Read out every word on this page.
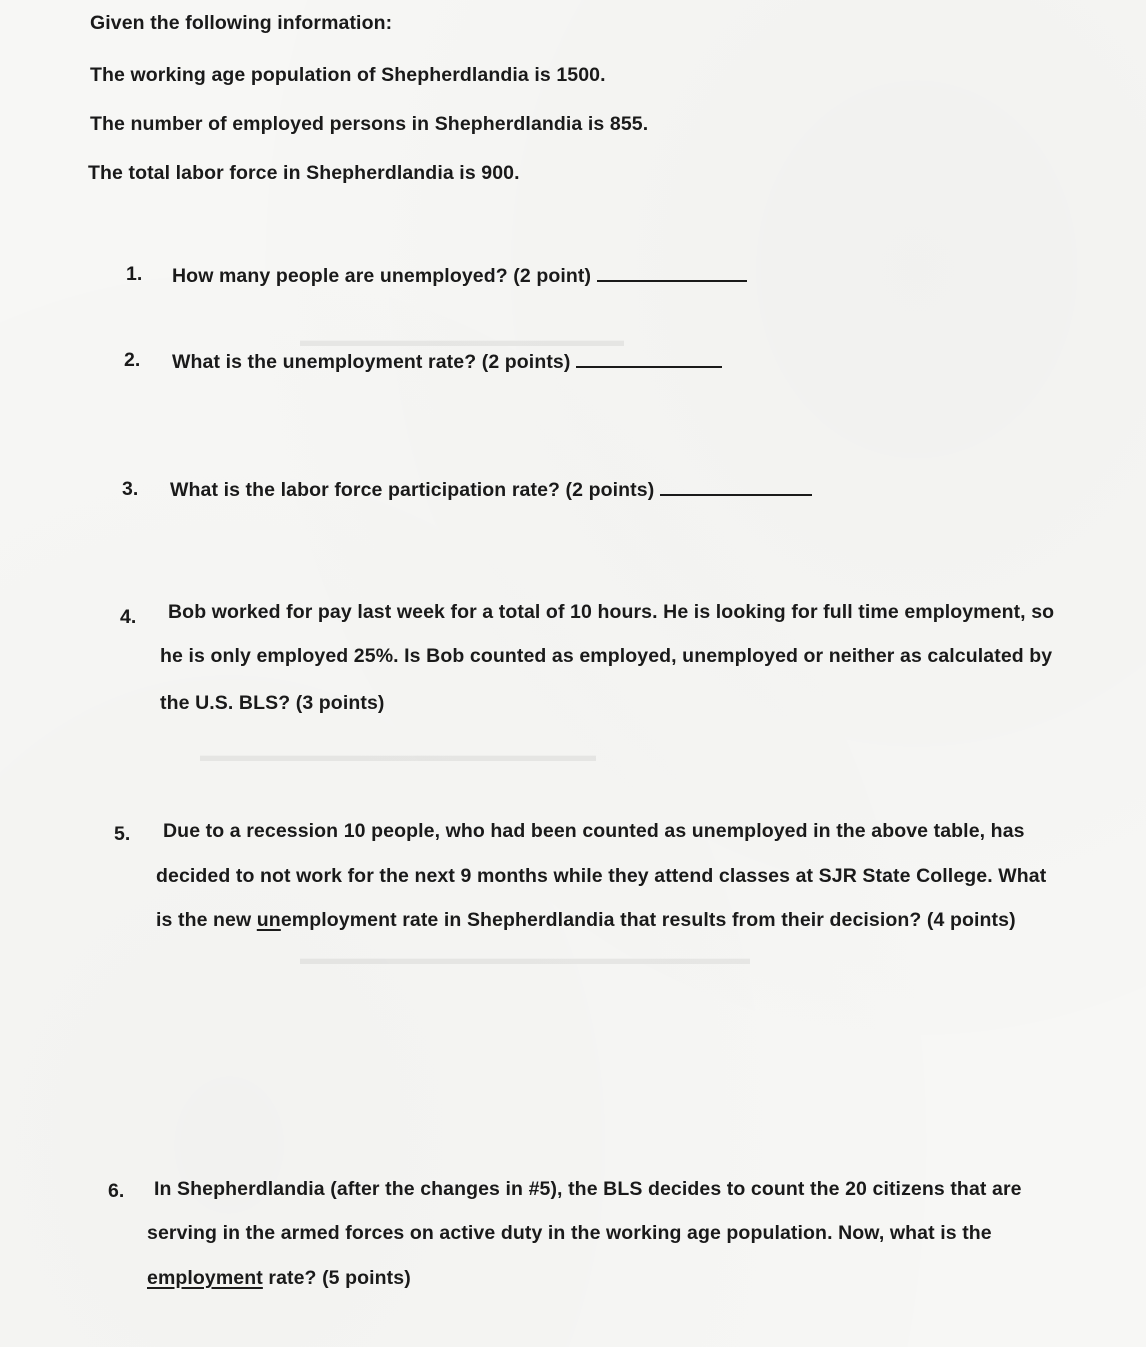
▬▬▬▬▬▬▬▬▬▬▬▬▬▬▬▬▬▬
▬▬▬▬▬▬▬▬▬▬▬▬▬▬▬▬▬▬▬▬▬▬
▬▬▬▬▬▬▬▬▬▬▬▬▬▬▬▬▬▬▬▬▬▬▬▬▬
Given the following information:
The working age population of Shepherdlandia is 1500.
The number of employed persons in Shepherdlandia is 855.
The total labor force in Shepherdlandia is 900.
1. How many people are unemployed? (2 point)
2. What is the unemployment rate? (2 points)
3. What is the labor force participation rate? (2 points)
4. Bob worked for pay last week for a total of 10 hours. He is looking for full time employment, so
he is only employed 25%. Is Bob counted as employed, unemployed or neither as calculated by
the U.S. BLS? (3 points)
5. Due to a recession 10 people, who had been counted as unemployed in the above table, has
decided to not work for the next 9 months while they attend classes at SJR State College. What
is the new unemployment rate in Shepherdlandia that results from their decision? (4 points)
6. In Shepherdlandia (after the changes in #5), the BLS decides to count the 20 citizens that are
serving in the armed forces on active duty in the working age population. Now, what is the
employment rate? (5 points)
